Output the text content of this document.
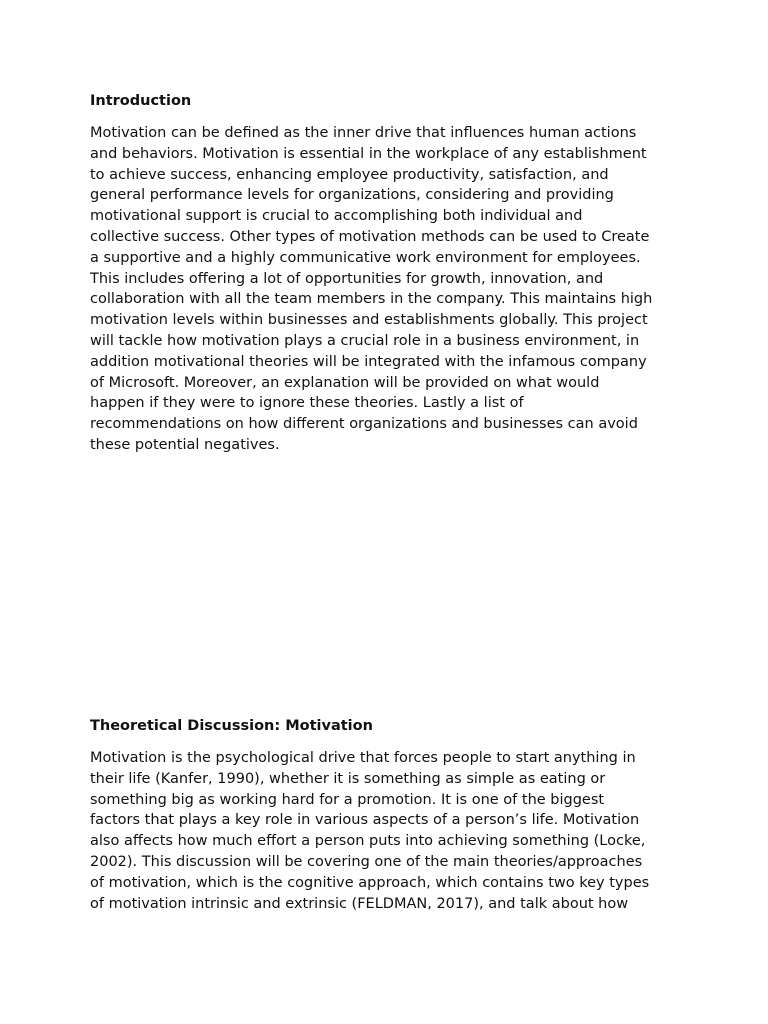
Introduction

Motivation can be defined as the inner drive that influences human actions
and behaviors. Motivation is essential in the workplace of any establishment
to achieve success, enhancing employee productivity, satisfaction, and
general performance levels for organizations, considering and providing
motivational support is crucial to accomplishing both individual and
collective success. Other types of motivation methods can be used to Create
a supportive and a highly communicative work environment for employees.
This includes offering a lot of opportunities for growth, innovation, and
collaboration with all the team members in the company. This maintains high
motivation levels within businesses and establishments globally. This project
will tackle how motivation plays a crucial role in a business environment, in
addition motivational theories will be integrated with the infamous company
of Microsoft. Moreover, an explanation will be provided on what would
happen if they were to ignore these theories. Lastly a list of
recommendations on how different organizations and businesses can avoid
these potential negatives.

Theoretical Discussion: Motivation

Motivation is the psychological drive that forces people to start anything in
their life (Kanfer, 1990), whether it is something as simple as eating or
something big as working hard for a promotion. It is one of the biggest
factors that plays a key role in various aspects of a person’s life. Motivation
also affects how much effort a person puts into achieving something (Locke,
2002). This discussion will be covering one of the main theories/approaches
of motivation, which is the cognitive approach, which contains two key types
of motivation intrinsic and extrinsic (FELDMAN, 2017), and talk about how
